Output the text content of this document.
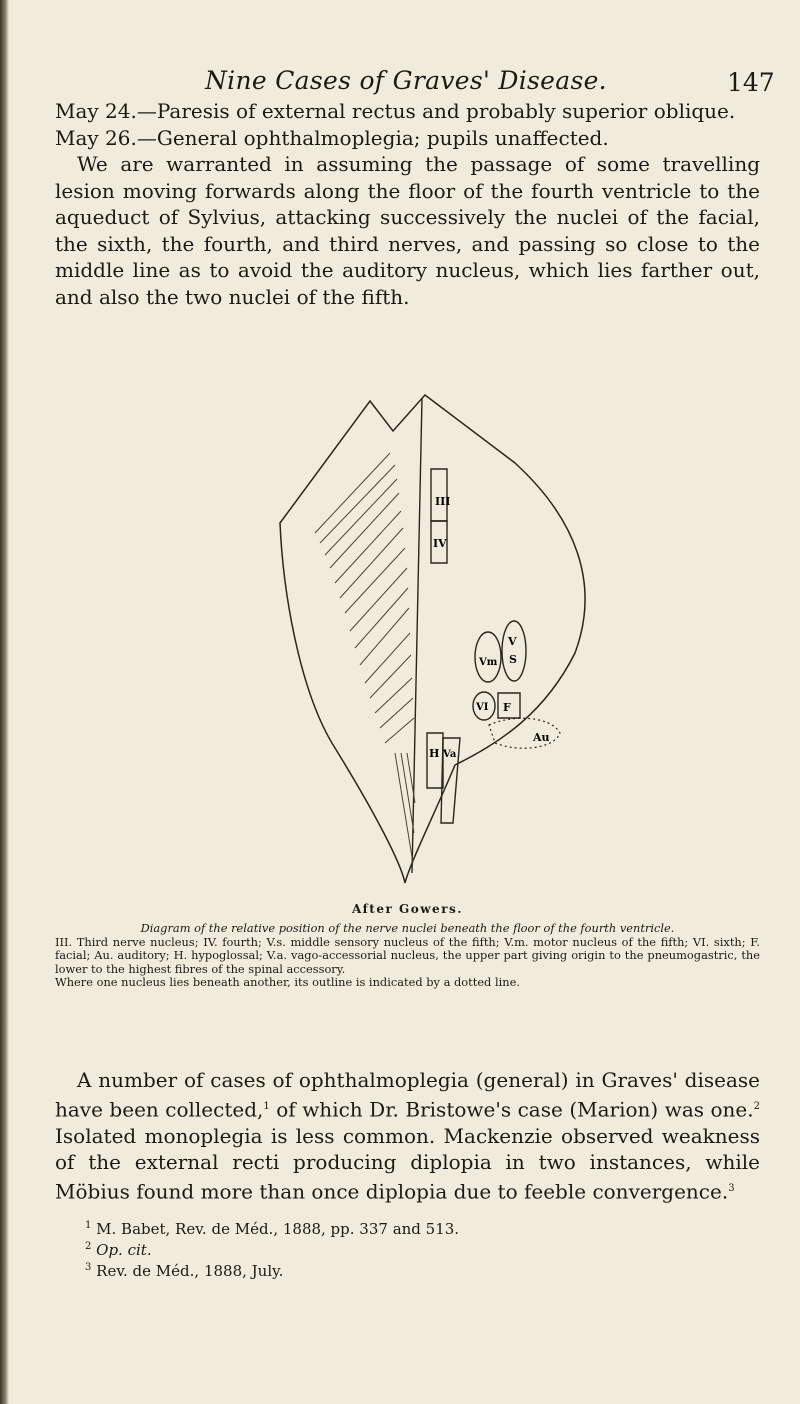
Nine Cases of Graves' Disease.	147

May 24.—Paresis of external rectus and probably superior oblique.

May 26.—General ophthalmoplegia; pupils unaffected.

We are warranted in assuming the passage of some travelling lesion moving forwards along the floor of the fourth ventricle to the aqueduct of Sylvius, attacking successively the nuclei of the facial, the sixth, the fourth, and third nerves, and passing so close to the middle line as to avoid the auditory nucleus, which lies farther out, and also the two nuclei of the fifth.

III
IV
V
Vm S
VI F
Au
H Va
After Gowers.
Diagram of the relative position of the nerve nuclei beneath the floor of the fourth ventricle.

III. Third nerve nucleus; IV. fourth; V.s. middle sensory nucleus of the fifth; V.m. motor nucleus of the fifth; VI. sixth; F. facial; Au. auditory; H. hypoglossal; V.a. vago-accessorial nucleus, the upper part giving origin to the pneumogastric, the lower to the highest fibres of the spinal accessory.

Where one nucleus lies beneath another, its outline is indicated by a dotted line.

A number of cases of ophthalmoplegia (general) in Graves' disease have been collected,$^1$ of which Dr. Bristowe's case (Marion) was one.$^2$ Isolated monoplegia is less common. Mackenzie observed weakness of the external recti producing diplopia in two instances, while Möbius found more than once diplopia due to feeble convergence.$^3$

$^1$ M. Babet, Rev. de Méd., 1888, pp. 337 and 513.

$^2$ Op. cit.

$^3$ Rev. de Méd., 1888, July.
